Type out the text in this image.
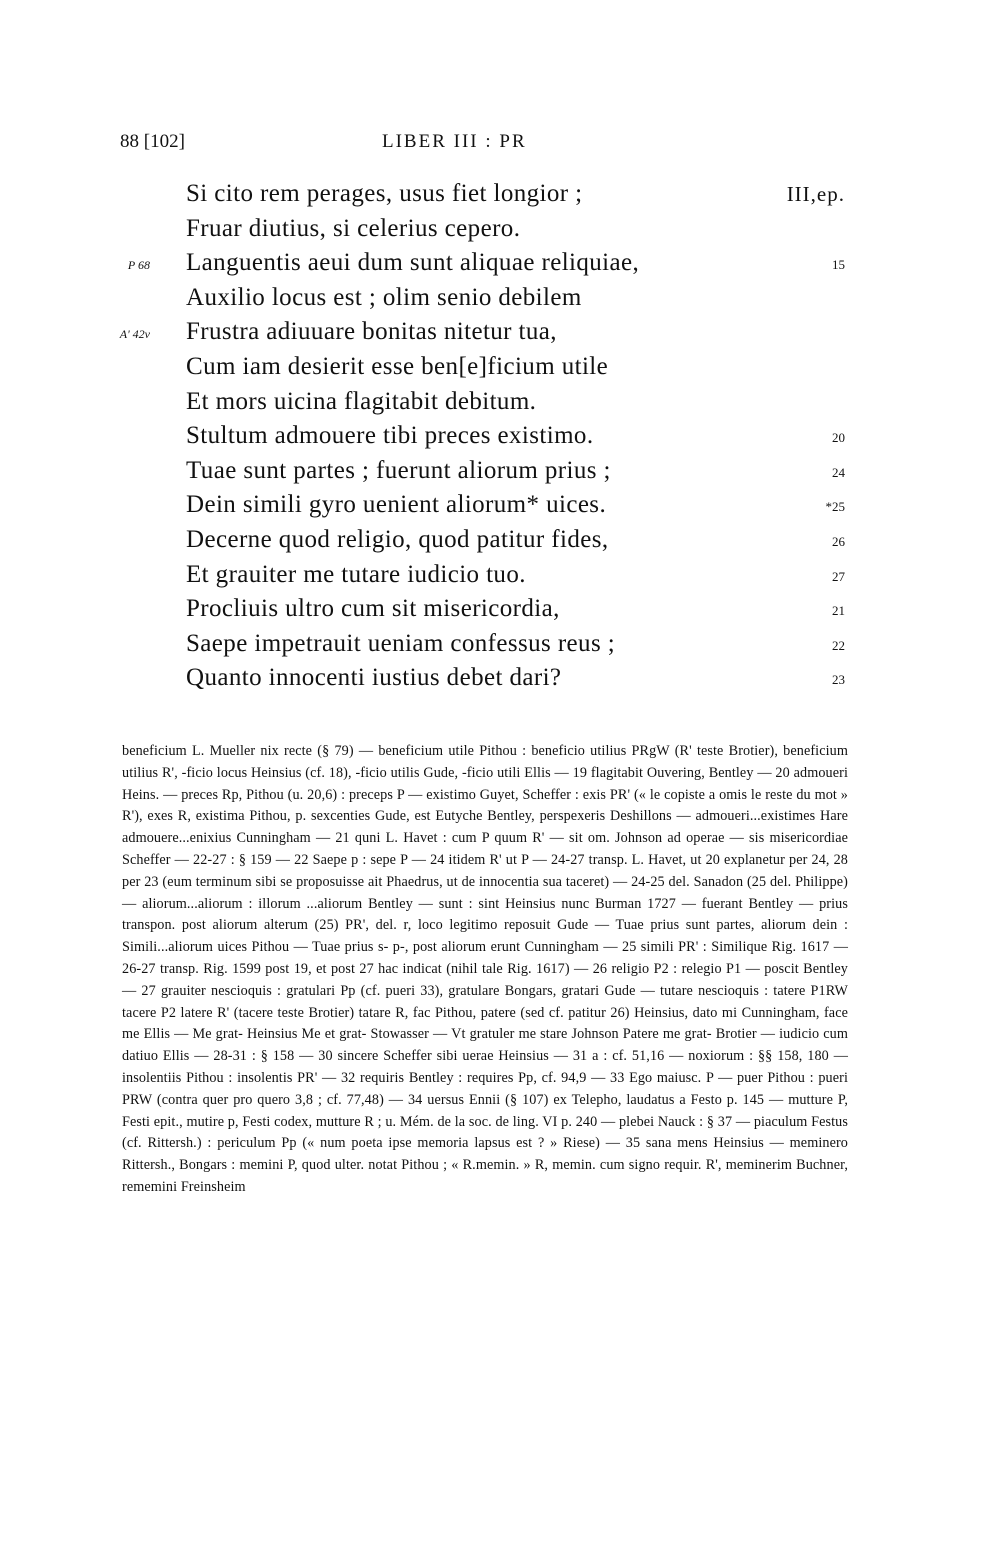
88 [102]	LIBER III : PR
Si cito rem perages, usus fiet longior ;	III,ep.
Fruar diutius, si celerius cepero.
P 68 Languentis aeui dum sunt aliquae reliquiae,	15
Auxilio locus est ; olim senio debilem
A' 42v Frustra adiuuare bonitas nitetur tua,
Cum iam desierit esse ben[e]ficium utile
Et mors uicina flagitabit debitum.
Stultum admouere tibi preces existimo.	20
Tuae sunt partes ; fuerunt aliorum prius ;	24
Dein simili gyro uenient aliorum* uices.	*25
Decerne quod religio, quod patitur fides,	26
Et grauiter me tutare iudicio tuo.	27
Procliuis ultro cum sit misericordia,	21
Saepe impetrauit ueniam confessus reus ;	22
Quanto innocenti iustius debet dari?	23
beneficium L. Mueller nix recte (§ 79) — beneficium utile Pithou : beneficio utilius PRgW (R' teste Brotier), beneficium utilius R', -ficio locus Heinsius (cf. 18), -ficio utilis Gude, -ficio utili Ellis — 19 flagitabit Ouvering, Bentley — 20 admoueri Heins. — preces Rp, Pithou (u. 20,6) : preceps P — existimo Guyet, Scheffer : exis PR' (« le copiste a omis le reste du mot » R'), exes R, existima Pithou, p. sexcenties Gude, est Eutyche Bentley, perspexeris Deshillons — admoueri...existimes Hare admouere...enixius Cunningham — 21 quni L. Havet : cum P quum R' — sit om. Johnson ad operae — sis misericordiae Scheffer — 22-27 : § 159 — 22 Saepe p : sepe P — 24 itidem R' ut P — 24-27 transp. L. Havet, ut 20 explanetur per 24, 28 per 23 (eum terminum sibi se proposuisse ait Phaedrus, ut de innocentia sua taceret) — 24-25 del. Sanadon (25 del. Philippe) — aliorum...aliorum : illorum ...aliorum Bentley — sunt : sint Heinsius nunc Burman 1727 — fuerant Bentley — prius transpon. post aliorum alterum (25) PR', del. r, loco legitimo reposuit Gude — Tuae prius sunt partes, aliorum dein : Simili...aliorum uices Pithou — Tuae prius s- p-, post aliorum erunt Cunningham — 25 simili PR' : Similique Rig. 1617 — 26-27 transp. Rig. 1599 post 19, et post 27 hac indicat (nihil tale Rig. 1617) — 26 religio P2 : relegio P1 — poscit Bentley — 27 grauiter nescioquis : gratulari Pp (cf. pueri 33), gratulare Bongars, gratari Gude — tutare nescioquis : tatere P1RW tacere P2 latere R' (tacere teste Brotier) tatare R, fac Pithou, patere (sed cf. patitur 26) Heinsius, dato mi Cunningham, face me Ellis — Me grat- Heinsius Me et grat- Stowasser — Vt gratuler me stare Johnson Patere me grat- Brotier — iudicio cum datiuo Ellis — 28-31 : § 158 — 30 sincere Scheffer sibi uerae Heinsius — 31 a : cf. 51,16 — noxiorum : §§ 158, 180 — insolentiis Pithou : insolentis PR' — 32 requiris Bentley : requires Pp, cf. 94,9 — 33 Ego maiusc. P — puer Pithou : pueri PRW (contra quer pro quero 3,8 ; cf. 77,48) — 34 uersus Ennii (§ 107) ex Telepho, laudatus a Festo p. 145 — mutture P, Festi epit., mutire p, Festi codex, mutture R ; u. Mém. de la soc. de ling. VI p. 240 — plebei Nauck : § 37 — piaculum Festus (cf. Rittersh.) : periculum Pp (« num poeta ipse memoria lapsus est ? » Riese) — 35 sana mens Heinsius — meminero Rittersh., Bongars : memini P, quod ulter. notat Pithou ; « R.memin. » R, memin. cum signo requir. R', meminerim Buchner, rememini Freinsheim
